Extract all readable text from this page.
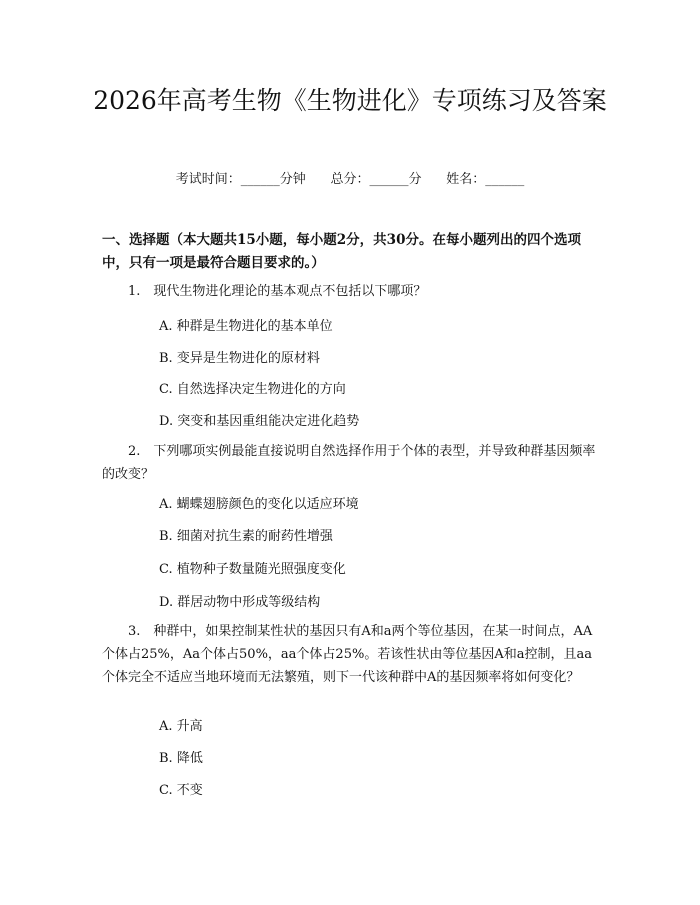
2026年高考生物《生物进化》专项练习及答案
考试时间：______分钟      总分：______分      姓名：______
一、选择题（本大题共15小题，每小题2分，共30分。在每小题列出的四个选项中，只有一项是最符合题目要求的。）
1.　现代生物进化理论的基本观点不包括以下哪项？
A. 种群是生物进化的基本单位
B. 变异是生物进化的原材料
C. 自然选择决定生物进化的方向
D. 突变和基因重组能决定进化趋势
2.　下列哪项实例最能直接说明自然选择作用于个体的表型，并导致种群基因频率的改变？
A. 蝴蝶翅膀颜色的变化以适应环境
B. 细菌对抗生素的耐药性增强
C. 植物种子数量随光照强度变化
D. 群居动物中形成等级结构
3.　种群中，如果控制某性状的基因只有A和a两个等位基因，在某一时间点，AA个体占25%，Aa个体占50%，aa个体占25%。若该性状由等位基因A和a控制，且aa个体完全不适应当地环境而无法繁殖，则下一代该种群中A的基因频率将如何变化？
A. 升高
B. 降低
C. 不变
